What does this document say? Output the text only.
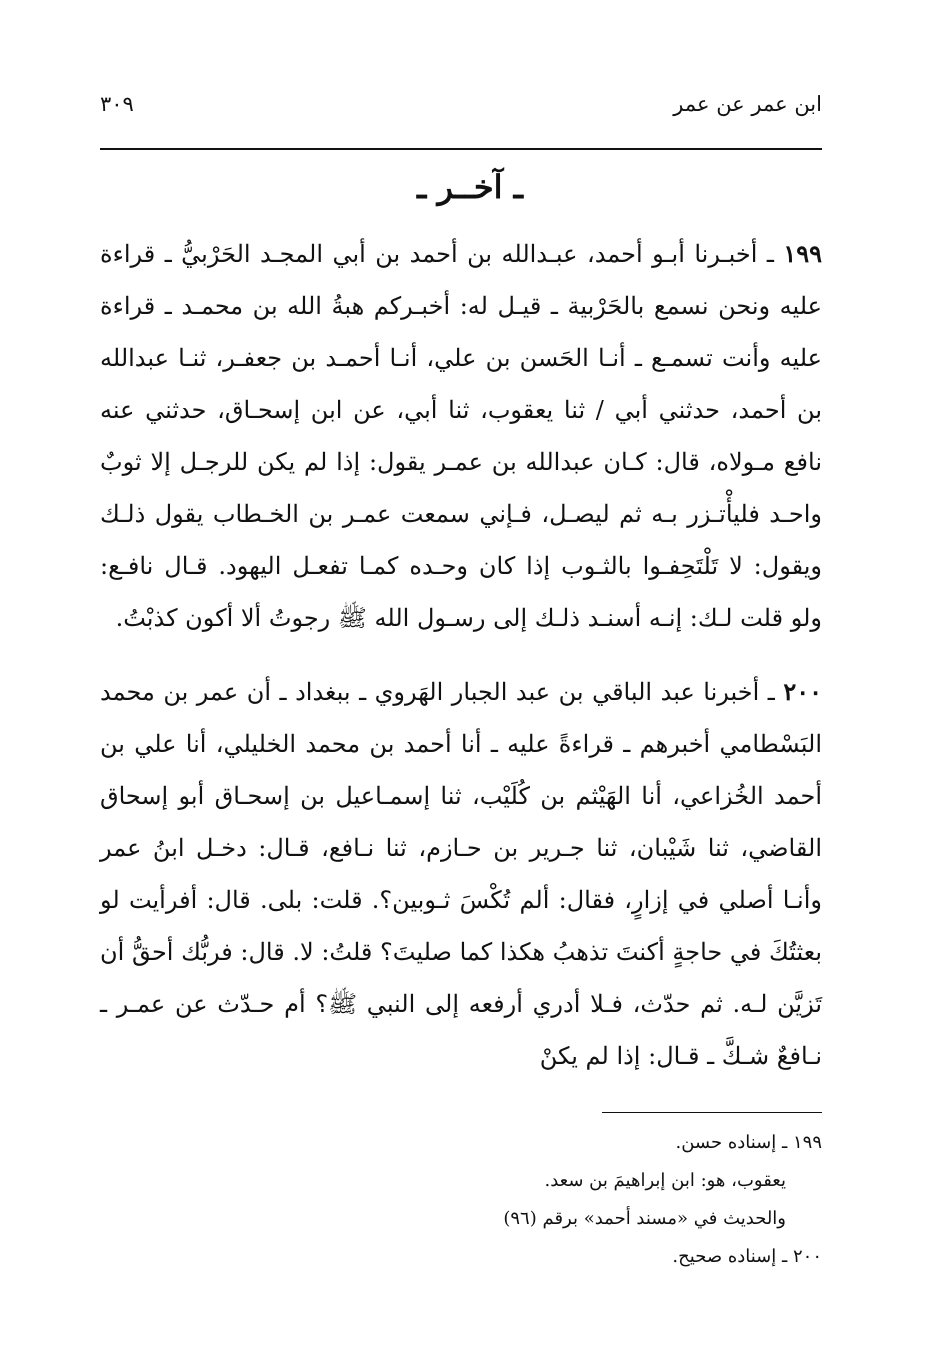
ابن عمر عن عمر
٣٠٩
ـ آخــر ـ

١٩٩ ـ أخبـرنا أبـو أحمد، عبـدالله بن أحمد بن أبي المجـد الحَرْبيُّ ـ قراءة عليه ونحن نسمع بالحَرْبية ـ قيـل له: أخبـركم هبةُ الله بن محمـد ـ قراءة عليه وأنت تسمـع ـ أنـا الحَسن بن علي، أنـا أحمـد بن جعفـر، ثنـا عبدالله بن أحمد، حدثني أبي / ثنا يعقوب، ثنا أبي، عن ابن إسحـاق، حدثني عنه نافع مـولاه، قال: كـان عبدالله بن عمـر يقول: إذا لم يكن للرجـل إلا ثوبٌ واحـد فليأْتـزر بـه ثم ليصـل، فـإني سمعت عمـر بن الخـطاب يقول ذلـك ويقول: لا تَلْتَحِفـوا بالثـوب إذا كان وحـده كمـا تفعـل اليهود. قـال نافـع: ولو قلت لـك: إنـه أسنـد ذلـك إلى رسـول الله ﷺ رجوتُ ألا أكون كذبْتُ.

٢٠٠ ـ أخبرنا عبد الباقي بن عبد الجبار الهَروي ـ ببغداد ـ أن عمر بن محمد البَسْطامي أخبرهم ـ قراءةً عليه ـ أنا أحمد بن محمد الخليلي، أنا علي بن أحمد الخُزاعي، أنا الهَيْثم بن كُلَيْب، ثنا إسمـاعيل بن إسحـاق أبو إسحاق القاضي، ثنا شَيْبان، ثنا جـرير بن حـازم، ثنا نـافع، قـال: دخـل ابنُ عمر وأنـا أصلي في إزارٍ، فقال: ألم تُكْسَ ثـوبين؟. قلت: بلى. قال: أفرأيت لو بعثتُكَ في حاجةٍ أكنتَ تذهبُ هكذا كما صليتَ؟ قلتُ: لا. قال: فربُّك أحقُّ أن تَزيَّن لـه. ثم حدّث، فـلا أدري أرفعه إلى النبي ﷺ؟ أم حـدّث عن عمـر ـ نـافعٌ شـكَّ ـ قـال: إذا لم يكنْ

١٩٩ ـ إسناده حسن.

يعقوب، هو: ابن إبراهيمَ بن سعد.

والحديث في «مسند أحمد» برقم (٩٦)

٢٠٠ ـ إسناده صحيح.
